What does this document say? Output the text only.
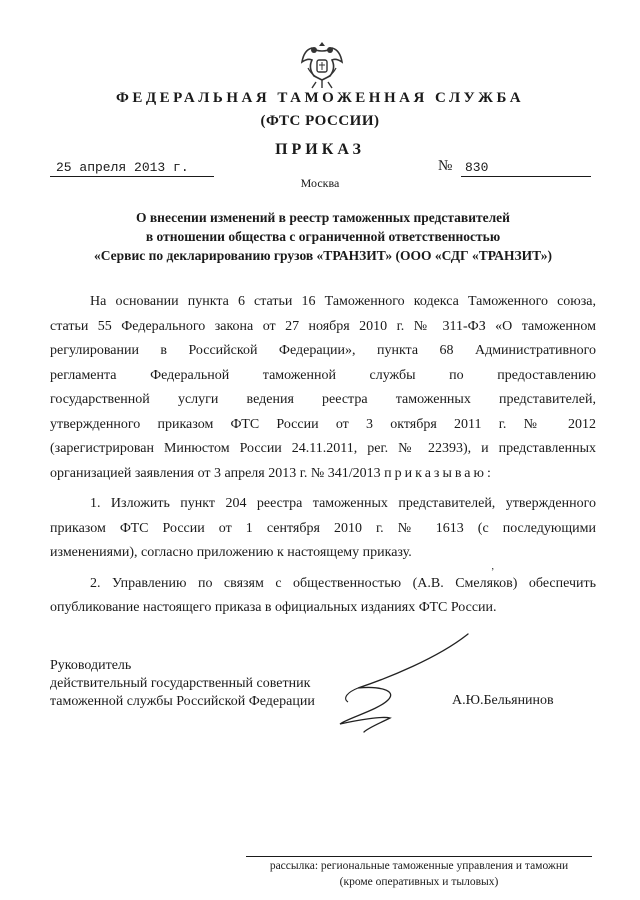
ФЕДЕРАЛЬНАЯ ТАМОЖЕННАЯ СЛУЖБА
(ФТС РОССИИ)
ПРИКАЗ
25 апреля 2013 г.	№ 830
Москва
О внесении изменений в реестр таможенных представителей
в отношении общества с ограниченной ответственностью
«Сервис по декларированию грузов «ТРАНЗИТ» (ООО «СДГ «ТРАНЗИТ»)
На основании пункта 6 статьи 16 Таможенного кодекса Таможенного союза,
статьи 55 Федерального закона от 27 ноября 2010 г. № 311-ФЗ «О таможенном
регулировании в Российской Федерации», пункта 68 Административного
регламента Федеральной таможенной службы по предоставлению
государственной услуги ведения реестра таможенных представителей,
утвержденного приказом ФТС России от 3 октября 2011 г. № 2012
(зарегистрирован Минюстом России 24.11.2011, рег. № 22393), и представленных
организацией заявления от 3 апреля 2013 г. № 341/2013 приказываю:
1. Изложить пункт 204 реестра таможенных представителей, утвержденного
приказом ФТС России от 1 сентября 2010 г. № 1613 (с последующими
изменениями), согласно приложению к настоящему приказу.
2. Управлению по связям с общественностью (А.В. Смеляков) обеспечить
опубликование настоящего приказа в официальных изданиях ФТС России.
ʼ
Руководитель
действительный государственный советник
таможенной службы Российской Федерации	А.Ю.Бельянинов
рассылка: региональные таможенные управления и таможни
(кроме оперативных и тыловых)
